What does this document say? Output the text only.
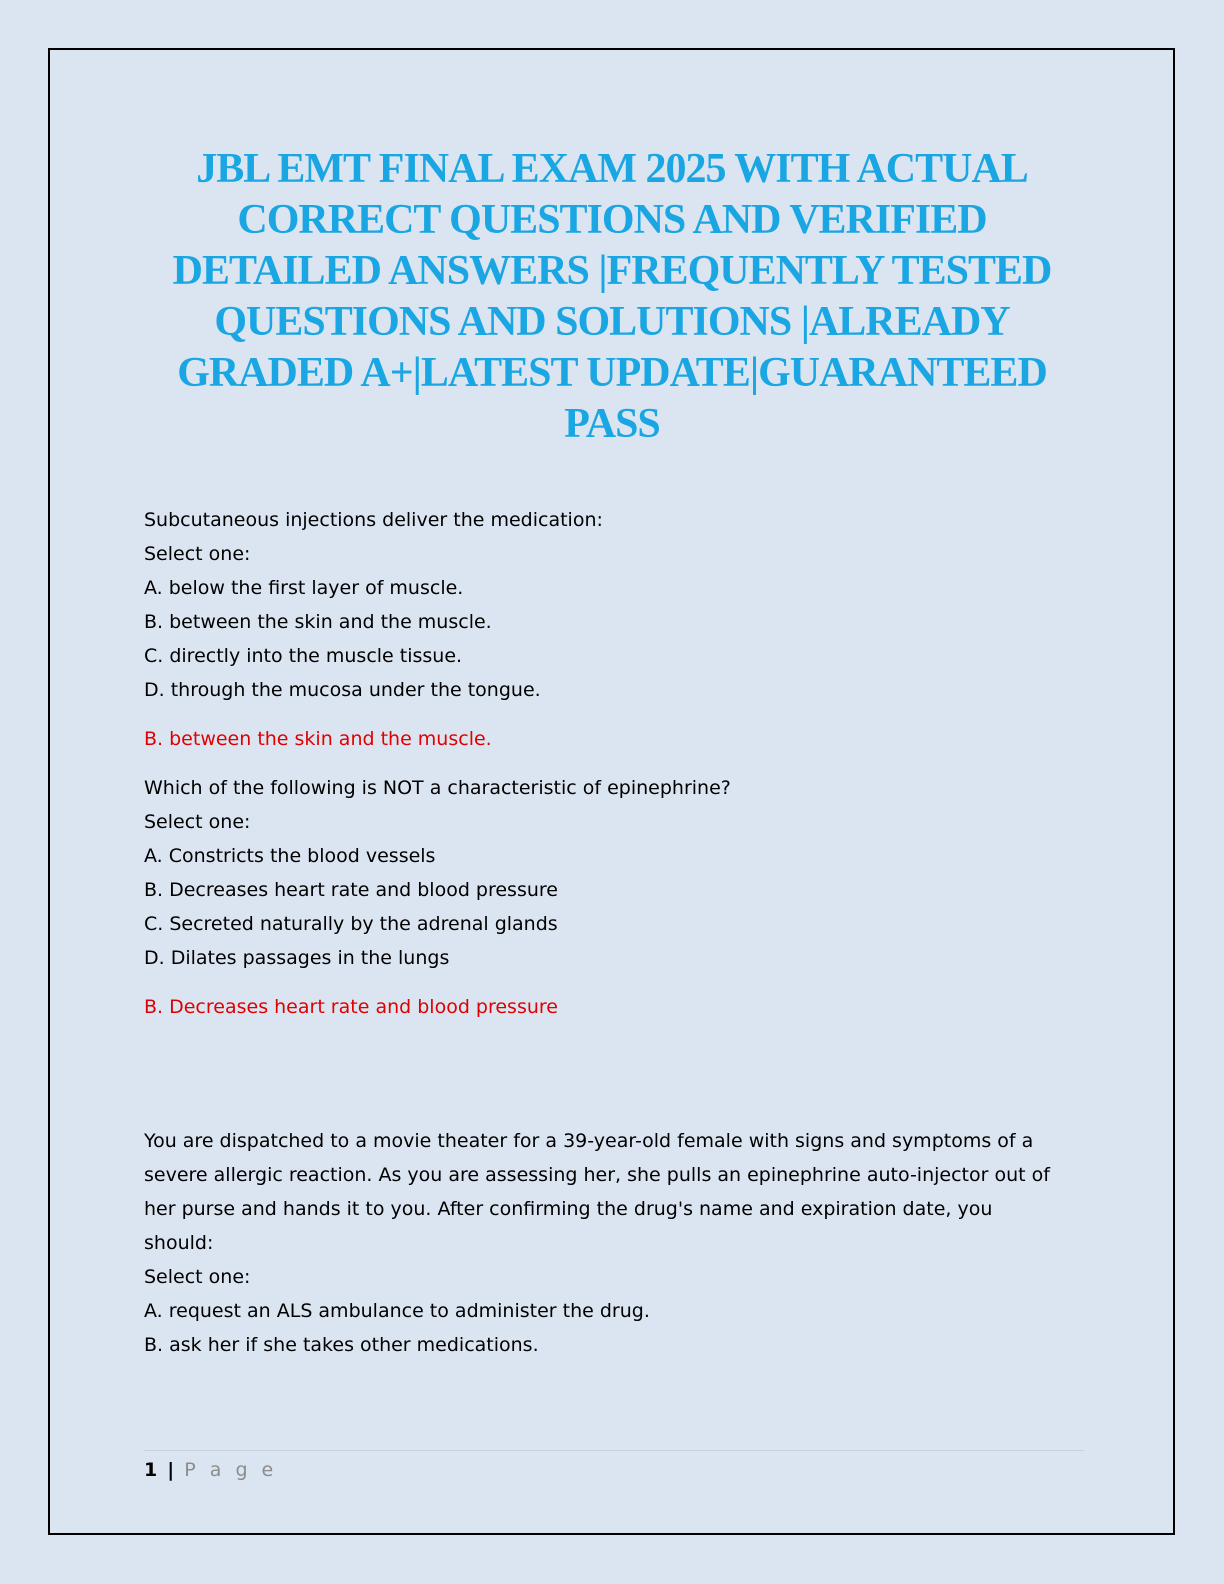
JBL EMT FINAL EXAM 2025 WITH ACTUAL
CORRECT QUESTIONS AND VERIFIED
DETAILED ANSWERS |FREQUENTLY TESTED
QUESTIONS AND SOLUTIONS |ALREADY
GRADED A+|LATEST UPDATE|GUARANTEED
PASS
Subcutaneous injections deliver the medication:
Select one:
A. below the first layer of muscle.
B. between the skin and the muscle.
C. directly into the muscle tissue.
D. through the mucosa under the tongue.
B. between the skin and the muscle.
Which of the following is NOT a characteristic of epinephrine?
Select one:
A. Constricts the blood vessels
B. Decreases heart rate and blood pressure
C. Secreted naturally by the adrenal glands
D. Dilates passages in the lungs
B. Decreases heart rate and blood pressure
You are dispatched to a movie theater for a 39-year-old female with signs and symptoms of a
severe allergic reaction. As you are assessing her, she pulls an epinephrine auto-injector out of
her purse and hands it to you. After confirming the drug's name and expiration date, you
should:
Select one:
A. request an ALS ambulance to administer the drug.
B. ask her if she takes other medications.
1 | P a g e
